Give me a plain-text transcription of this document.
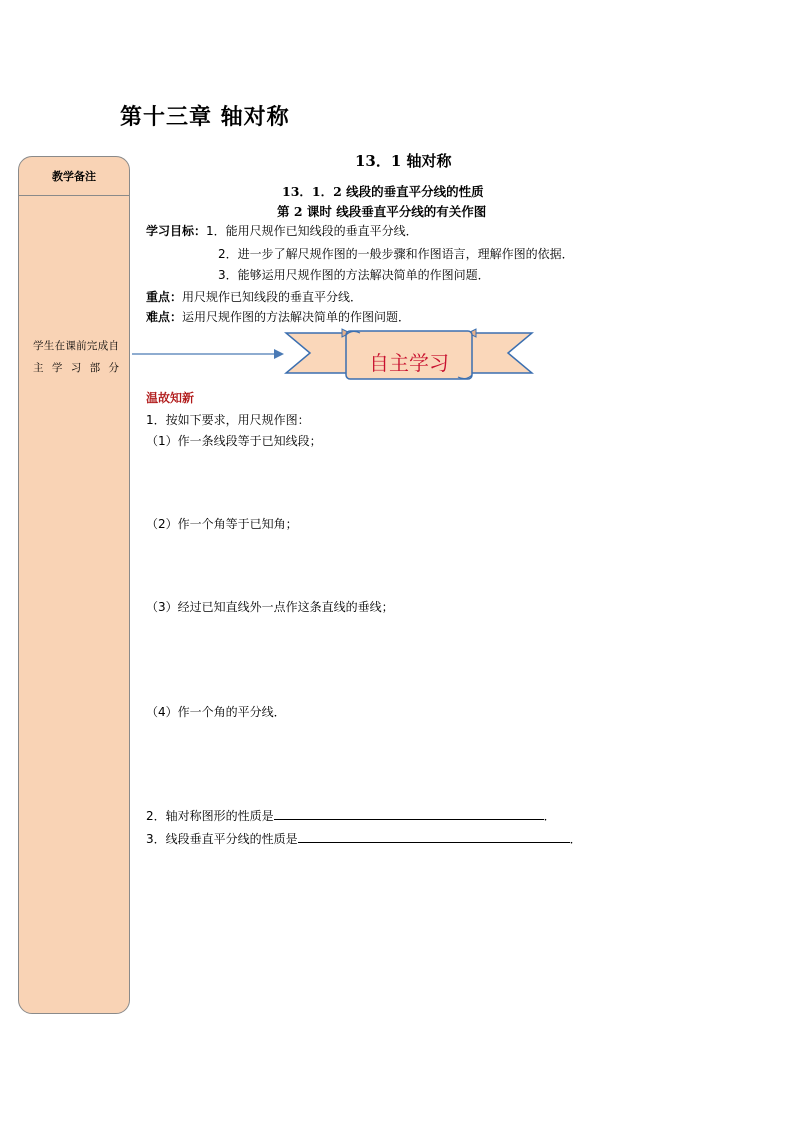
第十三章 轴对称
教学备注
学生在课前完成自主学习部分
13．1 轴对称
13．1．2 线段的垂直平分线的性质
第 2 课时 线段垂直平分线的有关作图
学习目标：1．能用尺规作已知线段的垂直平分线．
2．进一步了解尺规作图的一般步骤和作图语言，理解作图的依据．
3．能够运用尺规作图的方法解决简单的作图问题．
重点：用尺规作已知线段的垂直平分线．
难点：运用尺规作图的方法解决简单的作图问题．
自主学习
温故知新
1．按如下要求，用尺规作图：
（1）作一条线段等于已知线段；
（2）作一个角等于已知角；
（3）经过已知直线外一点作这条直线的垂线；
（4）作一个角的平分线．
2．轴对称图形的性质是	．
3．线段垂直平分线的性质是	．
